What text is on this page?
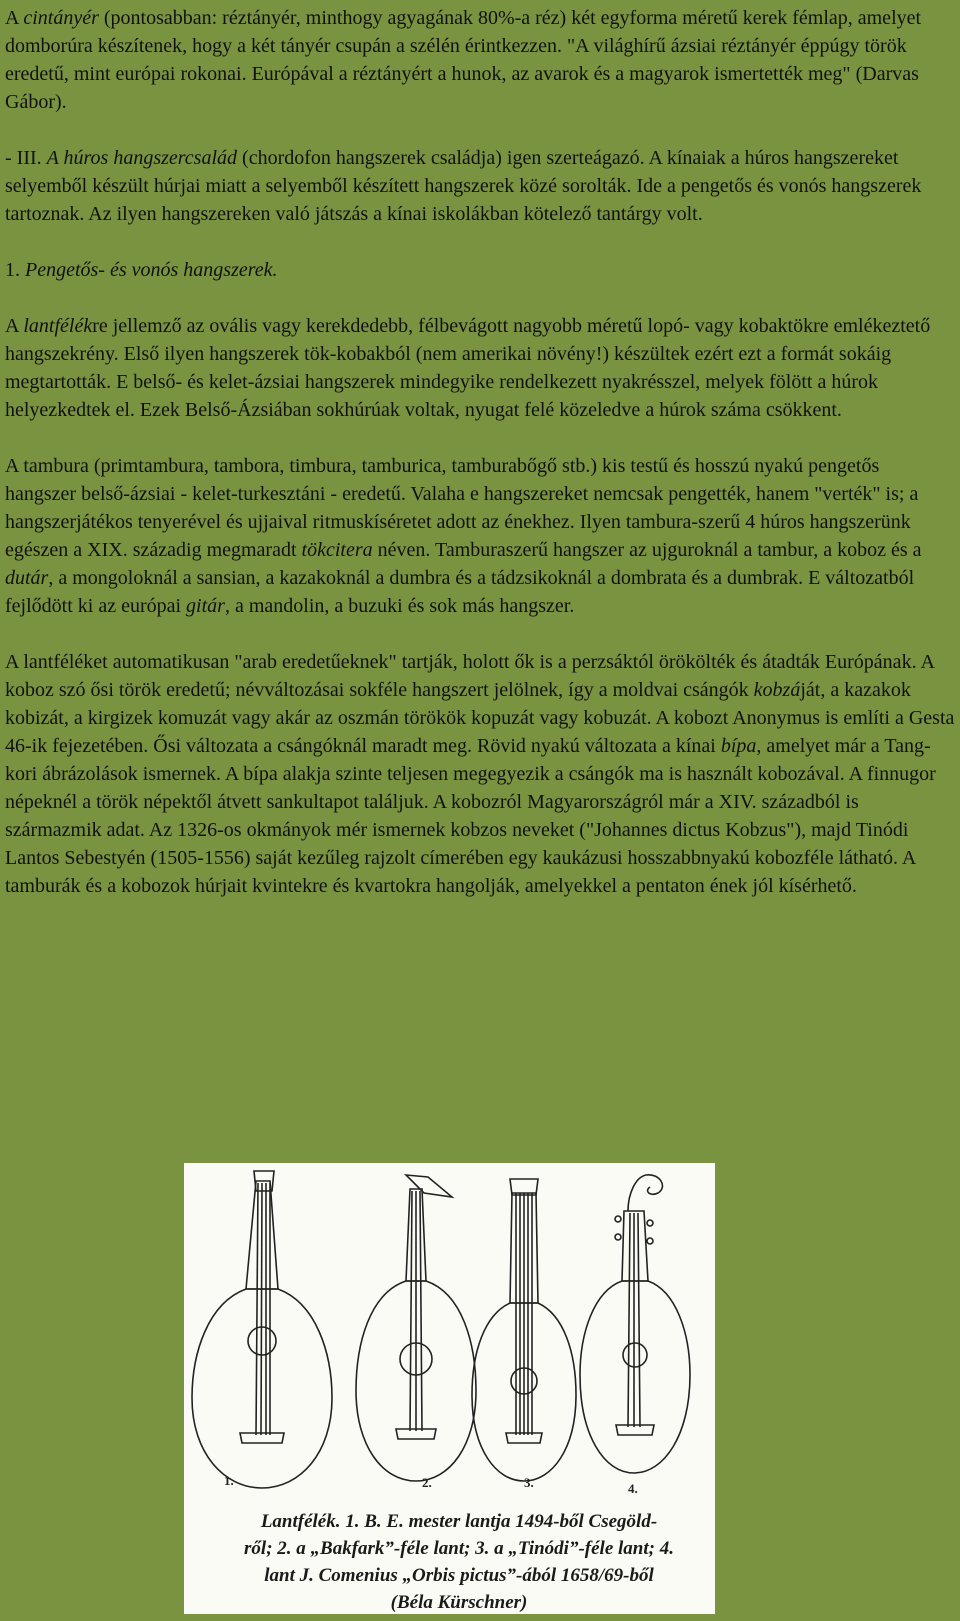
A cintányér (pontosabban: réztányér, minthogy agyagának 80%-a réz) két egyforma méretű kerek fémlap, amelyet domborúra készítenek, hogy a két tányér csupán a szélén érintkezzen. "A világhírű ázsiai réztányér éppúgy török eredetű, mint európai rokonai. Európával a réztányért a hunok, az avarok és a magyarok ismertették meg" (Darvas Gábor).

- III. A húros hangszercsalád (chordofon hangszerek családja) igen szerteágazó. A kínaiak a húros hangszereket selyemből készült húrjai miatt a selyemből készített hangszerek közé sorolták. Ide a pengetős és vonós hangszerek tartoznak. Az ilyen hangszereken való játszás a kínai iskolákban kötelező tantárgy volt.

1. Pengetős- és vonós hangszerek.

A lantfélékre jellemző az ovális vagy kerekdedebb, félbevágott nagyobb méretű lopó- vagy kobaktökre emlékeztető hangszekrény. Első ilyen hangszerek tök-kobakból (nem amerikai növény!) készültek ezért ezt a formát sokáig megtartották. E belső- és kelet-ázsiai hangszerek mindegyike rendelkezett nyakrésszel, melyek fölött a húrok helyezkedtek el. Ezek Belső-Ázsiában sokhúrúak voltak, nyugat felé közeledve a húrok száma csökkent.

A tambura (primtambura, tambora, timbura, tamburica, tamburabőgő stb.) kis testű és hosszú nyakú pengetős hangszer belső-ázsiai - kelet-turkesztáni - eredetű. Valaha e hangszereket nemcsak pengették, hanem "verték" is; a hangszerjátékos tenyerével és ujjaival ritmuskíséretet adott az énekhez. Ilyen tambura-szerű 4 húros hangszerünk egészen a XIX. századig megmaradt tökcitera néven. Tamburaszerű hangszer az ujguroknál a tambur, a koboz és a dutár, a mongoloknál a sansian, a kazakoknál a dumbra és a tádzsikoknál a dombrata és a dumbrak. E változatból fejlődött ki az európai gitár, a mandolin, a buzuki és sok más hangszer.

A lantféléket automatikusan "arab eredetűeknek" tartják, holott ők is a perzsáktól örökölték és átadták Európának. A koboz szó ősi török eredetű; névváltozásai sokféle hangszert jelölnek, így a moldvai csángók kobzáját, a kazakok kobizát, a kirgizek komuzát vagy akár az oszmán törökök kopuzát vagy kobuzát. A kobozt Anonymus is említi a Gesta 46-ik fejezetében. Ősi változata a csángóknál maradt meg. Rövid nyakú változata a kínai bípa, amelyet már a Tang-kori ábrázolások ismernek. A bípa alakja szinte teljesen megegyezik a csángók ma is használt kobozával. A finnugor népeknél a török népektől átvett sankultapot találjuk. A kobozról Magyarországról már a XIV. századból is származmik adat. Az 1326-os okmányok mér ismernek kobzos neveket ("Johannes dictus Kobzus"), majd Tinódi Lantos Sebestyén (1505-1556) saját kezűleg rajzolt címerében egy kaukázusi hosszabbnyakú kobozféle látható. A tamburák és a kobozok húrjait kvintekre és kvartokra hangolják, amelyekkel a pentaton ének jól kísérhető.

1.	2.	3.	4.
Lantfélék. 1. B. E. mester lantja 1494-ből Csegöld-
ről; 2. a „Bakfark”-féle lant; 3. a „Tinódi”-féle lant; 4.
lant J. Comenius „Orbis pictus”-ából 1658/69-ből
(Béla Kürschner)
